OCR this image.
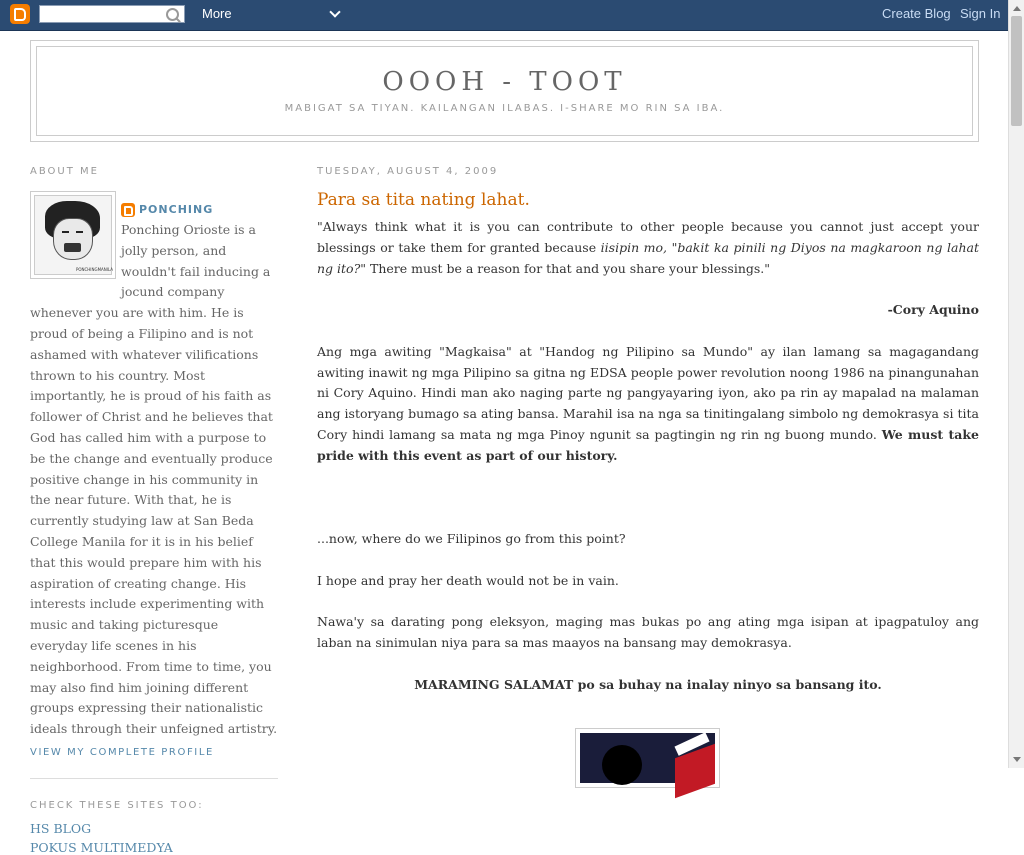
More	Create Blog Sign In
OOOH - TOOT
MABIGAT SA TIYAN. KAILANGAN ILABAS. I-SHARE MO RIN SA IBA.
ABOUT ME
PONCHINGMANILA
PONCHING
Ponching Orioste is a jolly person, and wouldn't fail inducing a jocund company whenever you are with him. He is proud of being a Filipino and is not ashamed with whatever vilifications thrown to his country. Most importantly, he is proud of his faith as follower of Christ and he believes that God has called him with a purpose to be the change and eventually produce positive change in his community in the near future. With that, he is currently studying law at San Beda College Manila for it is in his belief that this would prepare him with his aspiration of creating change. His interests include experimenting with music and taking picturesque everyday life scenes in his neighborhood. From time to time, you may also find him joining different groups expressing their nationalistic ideals through their unfeigned artistry.
VIEW MY COMPLETE PROFILE
CHECK THESE SITES TOO:
HS BLOG
POKUS MULTIMEDYA
TUESDAY, AUGUST 4, 2009
Para sa tita nating lahat.

"Always think what it is you can contribute to other people because you cannot just accept your blessings or take them for granted because iisipin mo, "bakit ka pinili ng Diyos na magkaroon ng lahat ng ito?" There must be a reason for that and you share your blessings."

-Cory Aquino

Ang mga awiting "Magkaisa" at "Handog ng Pilipino sa Mundo" ay ilan lamang sa magagandang awiting inawit ng mga Pilipino sa gitna ng EDSA people power revolution noong 1986 na pinangunahan ni Cory Aquino. Hindi man ako naging parte ng pangyayaring iyon, ako pa rin ay mapalad na malaman ang istoryang bumago sa ating bansa. Marahil isa na nga sa tinitingalang simbolo ng demokrasya si tita Cory hindi lamang sa mata ng mga Pinoy ngunit sa pagtingin ng rin ng buong mundo. We must take pride with this event as part of our history.

...now, where do we Filipinos go from this point?

I hope and pray her death would not be in vain.

Nawa'y sa darating pong eleksyon, maging mas bukas po ang ating mga isipan at ipagpatuloy ang laban na sinimulan niya para sa mas maayos na bansang may demokrasya.

MARAMING SALAMAT po sa buhay na inalay ninyo sa bansang ito.
